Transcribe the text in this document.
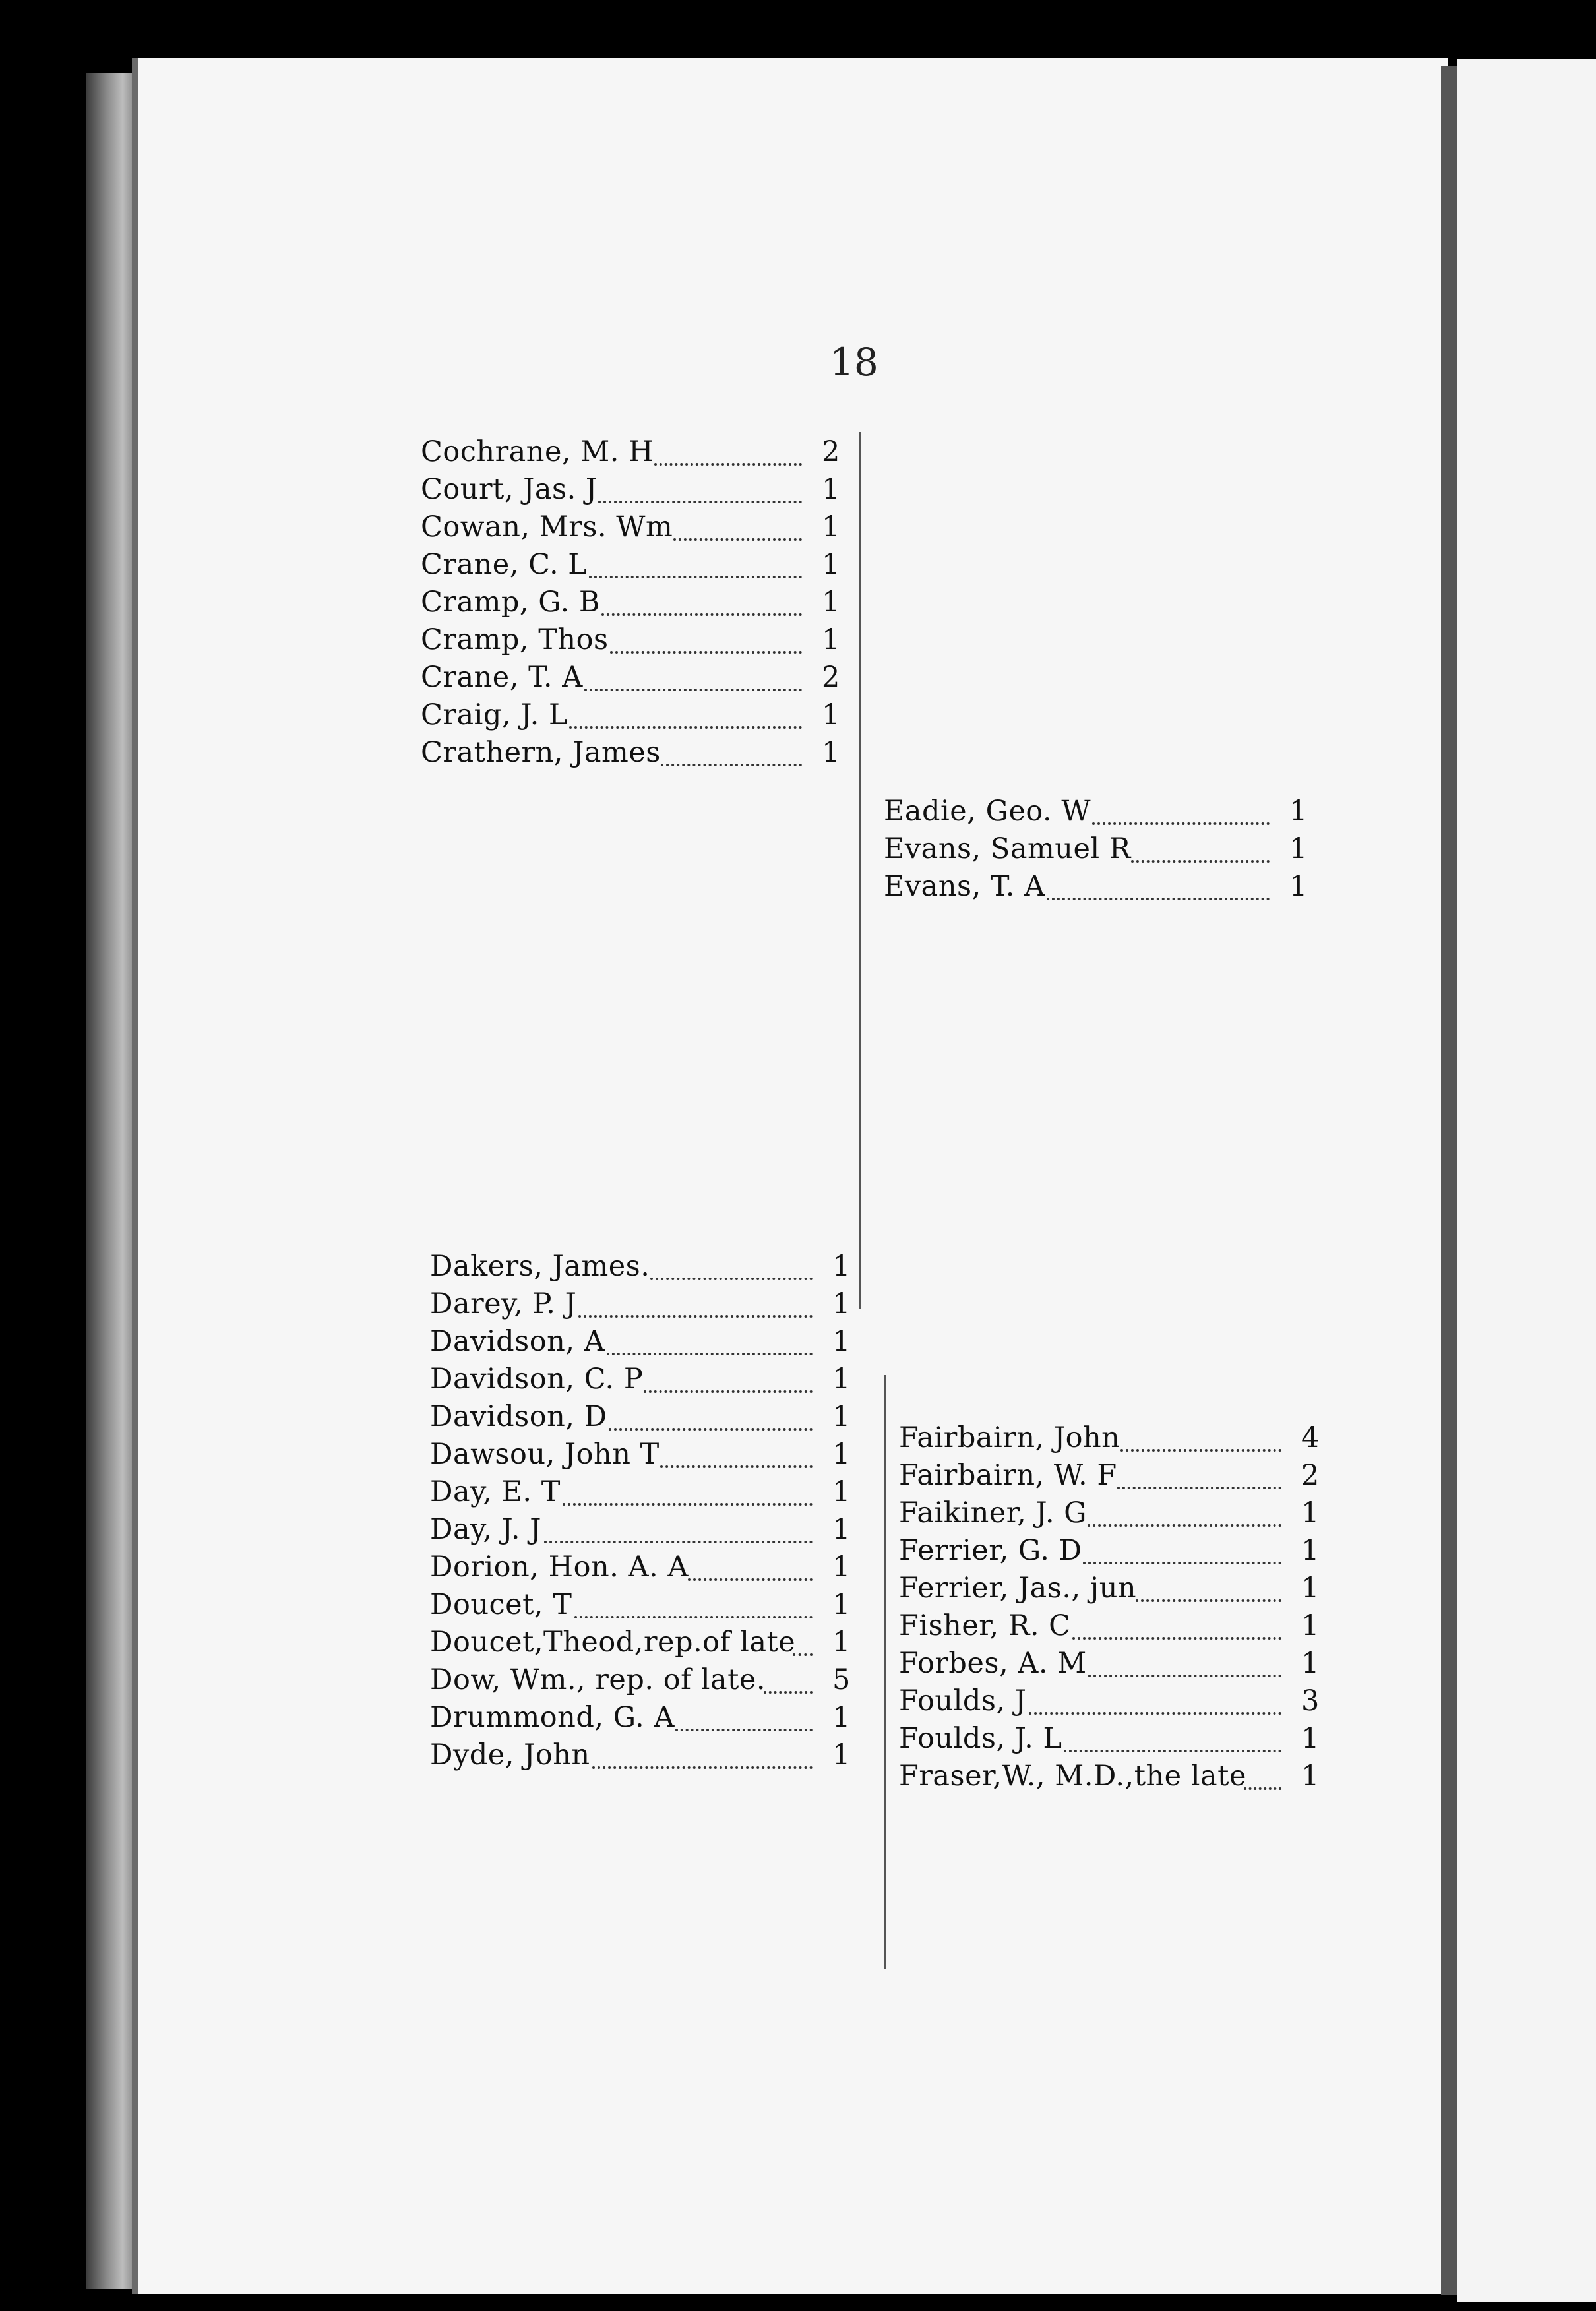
18
Cochrane, M. H	2
Court, Jas. J	1
Cowan, Mrs. Wm	1
Crane, C. L	1
Cramp, G. B	1
Cramp, Thos	1
Crane, T. A	2
Craig, J. L	1
Crathern, James	1
Eadie, Geo. W	1
Evans, Samuel R	1
Evans, T. A	1
Dakers, James.	1
Darey, P. J	1
Davidson, A	1
Davidson, C. P	1
Davidson, D	1
Dawsou, John T	1
Day, E. T	1
Day, J. J	1
Dorion, Hon. A. A	1
Doucet, T	1
Doucet,Theod,rep.of late 1
Dow, Wm., rep. of late. 5
Drummond, G. A	1
Dyde, John	1
Fairbairn, John	4
Fairbairn, W. F	2
Faikiner, J. G	1
Ferrier, G. D	1
Ferrier, Jas., jun	1
Fisher, R. C	1
Forbes, A. M	1
Foulds, J	3
Foulds, J. L	1
Fraser,W., M.D.,the late 1
